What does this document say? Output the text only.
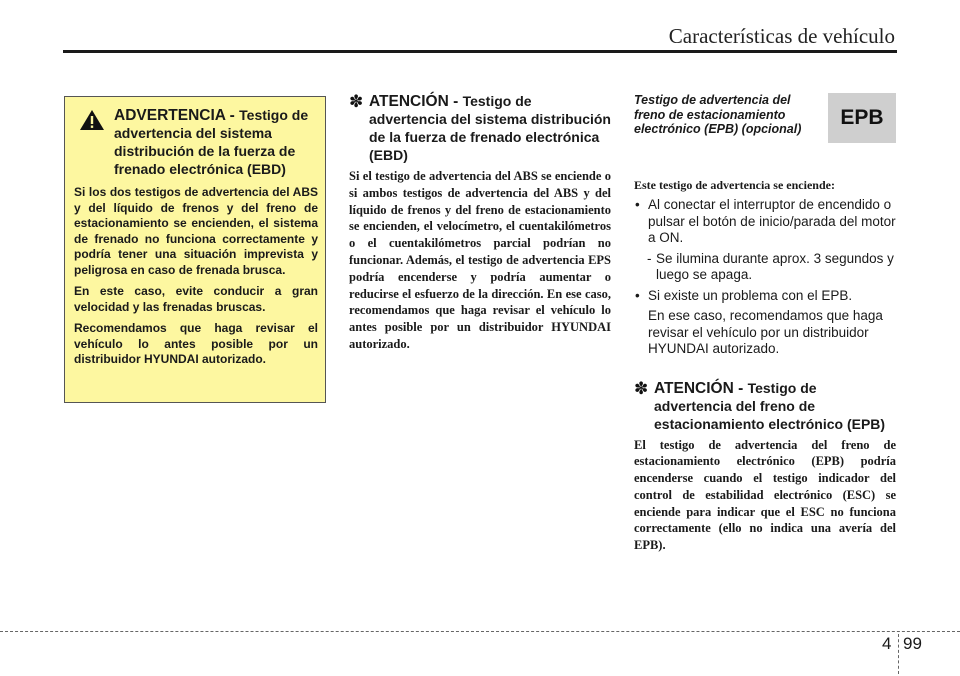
Características de vehículo
ADVERTENCIA - Testigo de advertencia del sistema distribución de la fuerza de frenado electrónica (EBD)

Si los dos testigos de advertencia del ABS y del líquido de frenos y del freno de estacionamiento se encienden, el sistema de frenado no funciona correctamente y podría tener una situación imprevista y peligrosa en caso de frenada brusca.

En este caso, evite conducir a gran velocidad y las frenadas bruscas.

Recomendamos que haga revisar el vehículo lo antes posible por un distribuidor HYUNDAI autorizado.

✽ ATENCIÓN - Testigo de advertencia del sistema distribución de la fuerza de frenado electrónica (EBD)

Si el testigo de advertencia del ABS se enciende o si ambos testigos de advertencia del ABS y del líquido de frenos y del freno de estacionamiento se encienden, el velocímetro, el cuentakilómetros o el cuentakilómetros parcial podrían no funcionar. Además, el testigo de advertencia EPS podría encenderse y podría aumentar o reducirse el esfuerzo de la dirección. En ese caso, recomendamos que haga revisar el vehículo lo antes posible por un distribuidor HYUNDAI autorizado.

Testigo de advertencia del freno de estacionamiento electrónico (EPB) (opcional)	EPB
Este testigo de advertencia se enciende:
• Al conectar el interruptor de encendido o pulsar el botón de inicio/parada del motor a ON.
- Se ilumina durante aprox. 3 segundos y luego se apaga.
• Si existe un problema con el EPB.
En ese caso, recomendamos que haga revisar el vehículo por un distribuidor HYUNDAI autorizado.
✽ ATENCIÓN - Testigo de advertencia del freno de estacionamiento electrónico (EPB)

El testigo de advertencia del freno de estacionamiento electrónico (EPB) podría encenderse cuando el testigo indicador del control de estabilidad electrónico (ESC) se enciende para indicar que el ESC no funciona correctamente (ello no indica una avería del EPB).

4 99
